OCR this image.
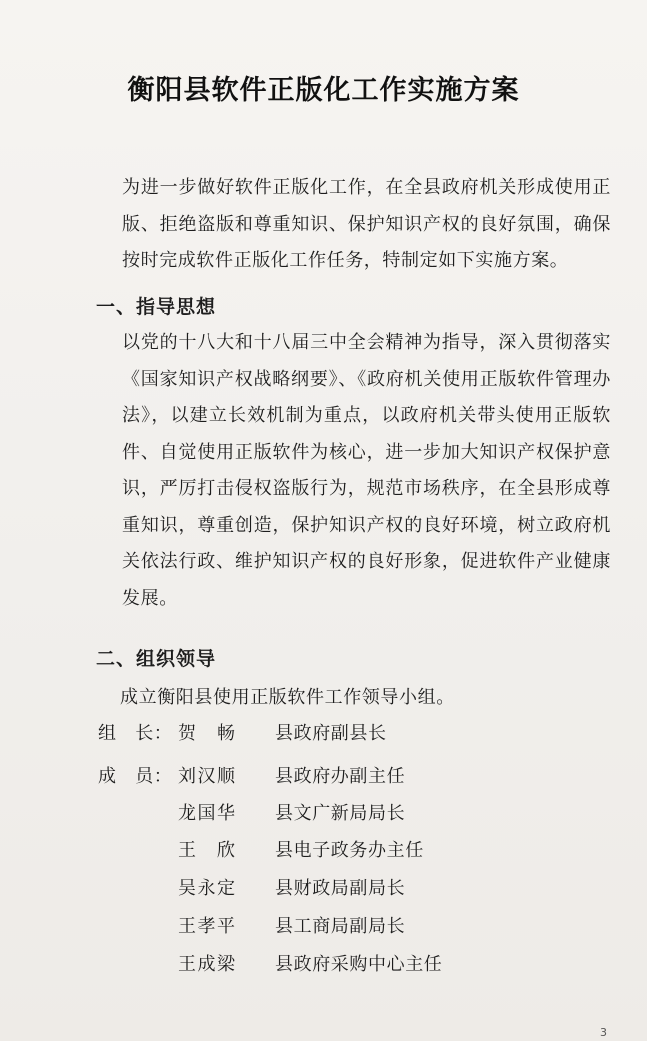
衡阳县软件正版化工作实施方案
为进一步做好软件正版化工作，在全县政府机关形成使用正版、拒绝盗版和尊重知识、保护知识产权的良好氛围，确保按时完成软件正版化工作任务，特制定如下实施方案。
一、指导思想
以党的十八大和十八届三中全会精神为指导，深入贯彻落实《国家知识产权战略纲要》、《政府机关使用正版软件管理办法》，以建立长效机制为重点，以政府机关带头使用正版软件、自觉使用正版软件为核心，进一步加大知识产权保护意识，严厉打击侵权盗版行为，规范市场秩序，在全县形成尊重知识，尊重创造，保护知识产权的良好环境，树立政府机关依法行政、维护知识产权的良好形象，促进软件产业健康发展。
二、组织领导
成立衡阳县使用正版软件工作领导小组。
组　长： 贺　畅 县政府副县长
成　员： 刘汉顺 县政府办副主任
龙国华 县文广新局局长
王　欣 县电子政务办主任
吴永定 县财政局副局长
王孝平 县工商局副局长
王成梁 县政府采购中心主任
3
